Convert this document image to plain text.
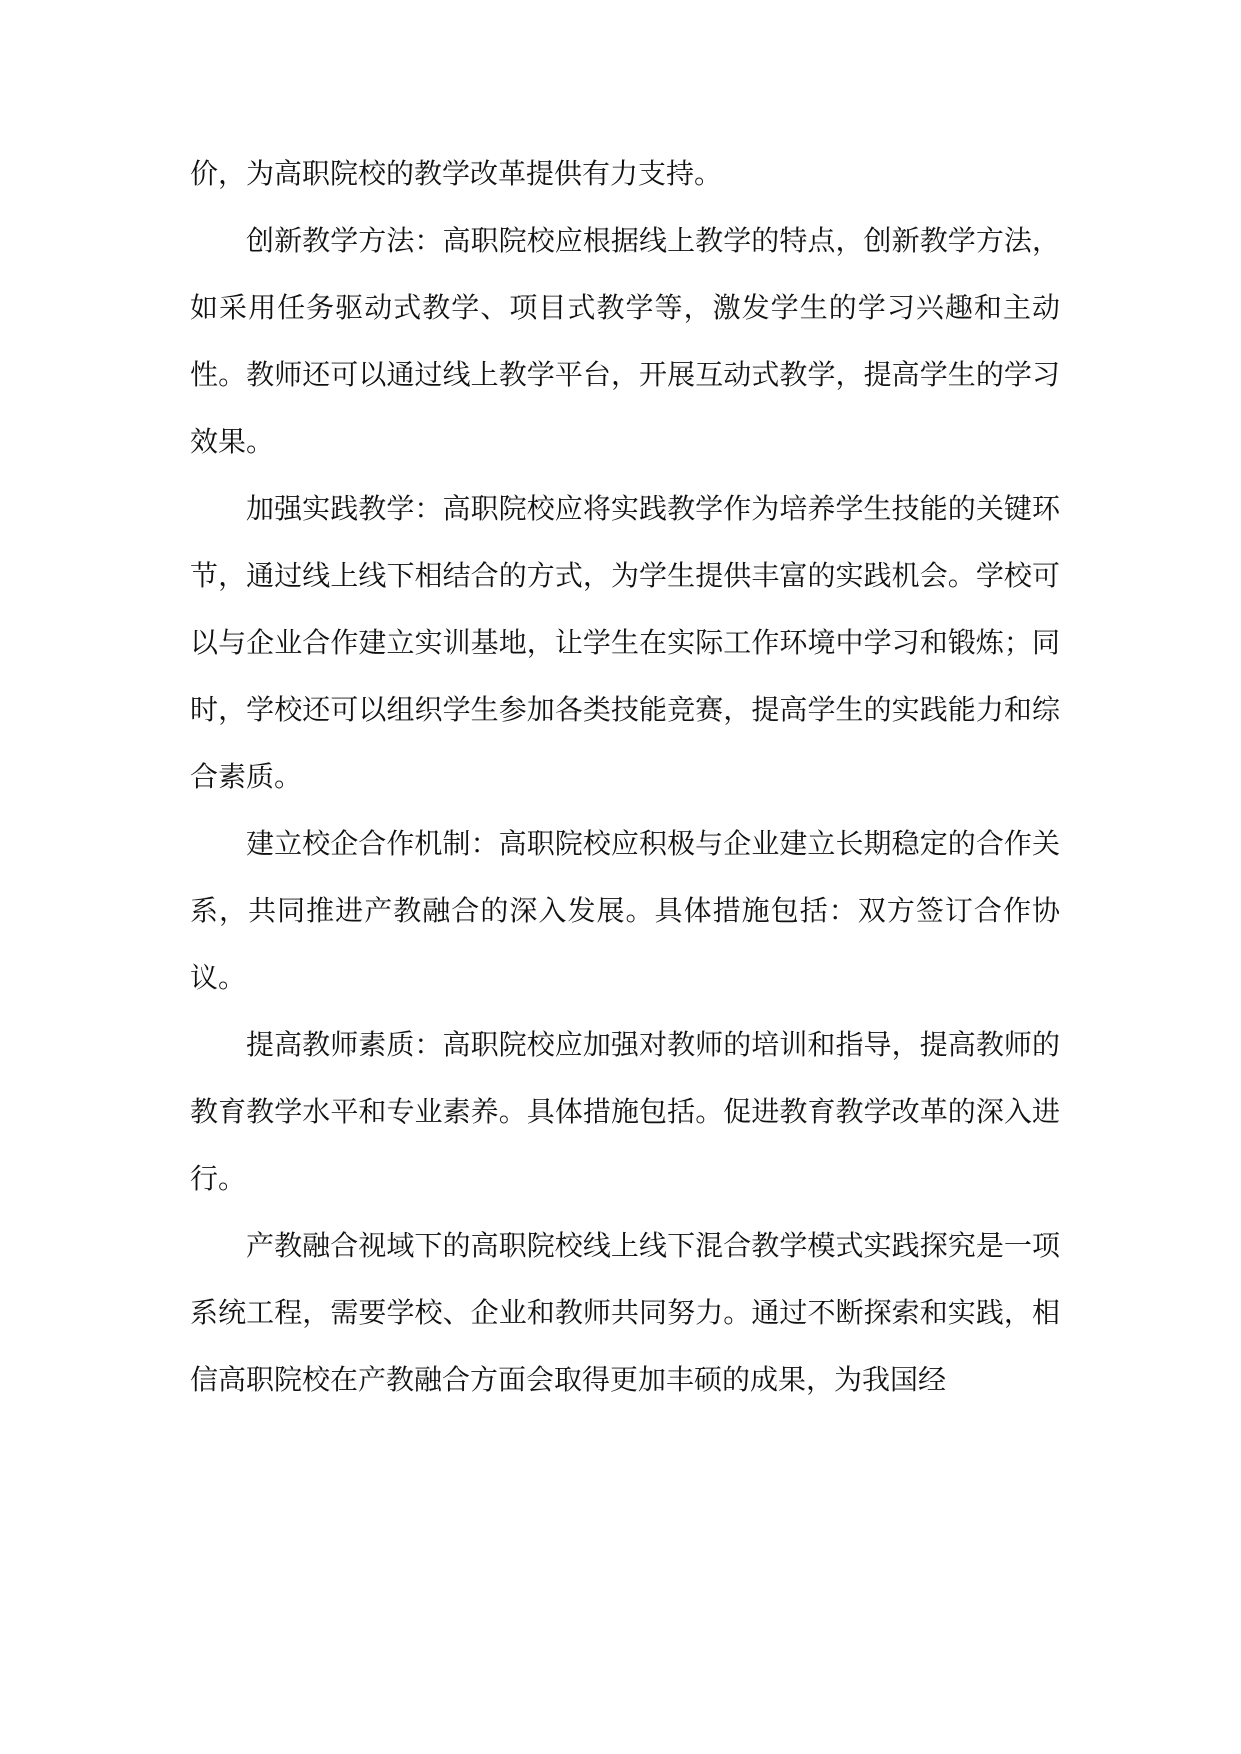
价，为高职院校的教学改革提供有力支持。

创新教学方法：高职院校应根据线上教学的特点，创新教学方法，如采用任务驱动式教学、项目式教学等，激发学生的学习兴趣和主动性。教师还可以通过线上教学平台，开展互动式教学，提高学生的学习效果。

加强实践教学：高职院校应将实践教学作为培养学生技能的关键环节，通过线上线下相结合的方式，为学生提供丰富的实践机会。学校可以与企业合作建立实训基地，让学生在实际工作环境中学习和锻炼；同时，学校还可以组织学生参加各类技能竞赛，提高学生的实践能力和综合素质。

建立校企合作机制：高职院校应积极与企业建立长期稳定的合作关系，共同推进产教融合的深入发展。具体措施包括：双方签订合作协议。

提高教师素质：高职院校应加强对教师的培训和指导，提高教师的教育教学水平和专业素养。具体措施包括。促进教育教学改革的深入进行。

产教融合视域下的高职院校线上线下混合教学模式实践探究是一项系统工程，需要学校、企业和教师共同努力。通过不断探索和实践，相信高职院校在产教融合方面会取得更加丰硕的成果，为我国经
